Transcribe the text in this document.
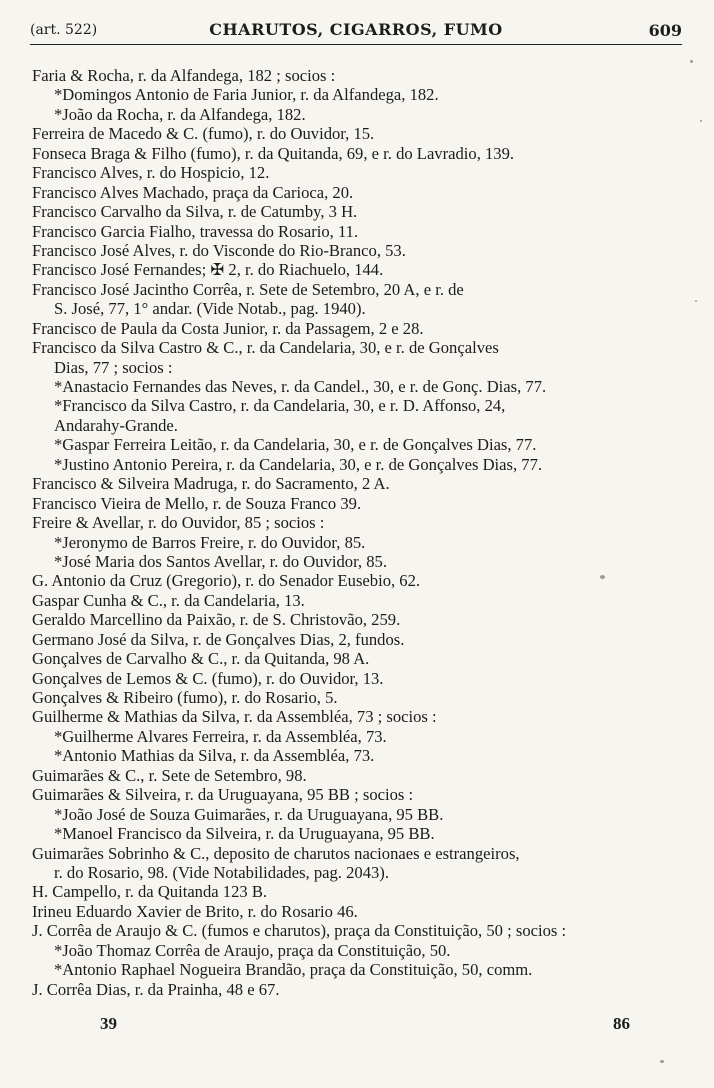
(art. 522)	CHARUTOS, CIGARROS, FUMO	609
Faria & Rocha, r. da Alfandega, 182 ; socios :
*Domingos Antonio de Faria Junior, r. da Alfandega, 182.
*João da Rocha, r. da Alfandega, 182.
Ferreira de Macedo & C. (fumo), r. do Ouvidor, 15.
Fonseca Braga & Filho (fumo), r. da Quitanda, 69, e r. do Lavradio, 139.
Francisco Alves, r. do Hospicio, 12.
Francisco Alves Machado, praça da Carioca, 20.
Francisco Carvalho da Silva, r. de Catumby, 3 H.
Francisco Garcia Fialho, travessa do Rosario, 11.
Francisco José Alves, r. do Visconde do Rio-Branco, 53.
Francisco José Fernandes; ✠ 2, r. do Riachuelo, 144.
Francisco José Jacintho Corrêa, r. Sete de Setembro, 20 A, e r. de
S. José, 77, 1° andar. (Vide Notab., pag. 1940).
Francisco de Paula da Costa Junior, r. da Passagem, 2 e 28.
Francisco da Silva Castro & C., r. da Candelaria, 30, e r. de Gonçalves
Dias, 77 ; socios :
*Anastacio Fernandes das Neves, r. da Candel., 30, e r. de Gonç. Dias, 77.
*Francisco da Silva Castro, r. da Candelaria, 30, e r. D. Affonso, 24,
Andarahy-Grande.
*Gaspar Ferreira Leitão, r. da Candelaria, 30, e r. de Gonçalves Dias, 77.
*Justino Antonio Pereira, r. da Candelaria, 30, e r. de Gonçalves Dias, 77.
Francisco & Silveira Madruga, r. do Sacramento, 2 A.
Francisco Vieira de Mello, r. de Souza Franco 39.
Freire & Avellar, r. do Ouvidor, 85 ; socios :
*Jeronymo de Barros Freire, r. do Ouvidor, 85.
*José Maria dos Santos Avellar, r. do Ouvidor, 85.
G. Antonio da Cruz (Gregorio), r. do Senador Eusebio, 62.
Gaspar Cunha & C., r. da Candelaria, 13.
Geraldo Marcellino da Paixão, r. de S. Christovão, 259.
Germano José da Silva, r. de Gonçalves Dias, 2, fundos.
Gonçalves de Carvalho & C., r. da Quitanda, 98 A.
Gonçalves de Lemos & C. (fumo), r. do Ouvidor, 13.
Gonçalves & Ribeiro (fumo), r. do Rosario, 5.
Guilherme & Mathias da Silva, r. da Assembléa, 73 ; socios :
*Guilherme Alvares Ferreira, r. da Assembléa, 73.
*Antonio Mathias da Silva, r. da Assembléa, 73.
Guimarães & C., r. Sete de Setembro, 98.
Guimarães & Silveira, r. da Uruguayana, 95 BB ; socios :
*João José de Souza Guimarães, r. da Uruguayana, 95 BB.
*Manoel Francisco da Silveira, r. da Uruguayana, 95 BB.
Guimarães Sobrinho & C., deposito de charutos nacionaes e estrangeiros,
r. do Rosario, 98. (Vide Notabilidades, pag. 2043).
H. Campello, r. da Quitanda 123 B.
Irineu Eduardo Xavier de Brito, r. do Rosario 46.
J. Corrêa de Araujo & C. (fumos e charutos), praça da Constituição, 50 ; socios :
*João Thomaz Corrêa de Araujo, praça da Constituição, 50.
*Antonio Raphael Nogueira Brandão, praça da Constituição, 50, comm.
J. Corrêa Dias, r. da Prainha, 48 e 67.
39	86
